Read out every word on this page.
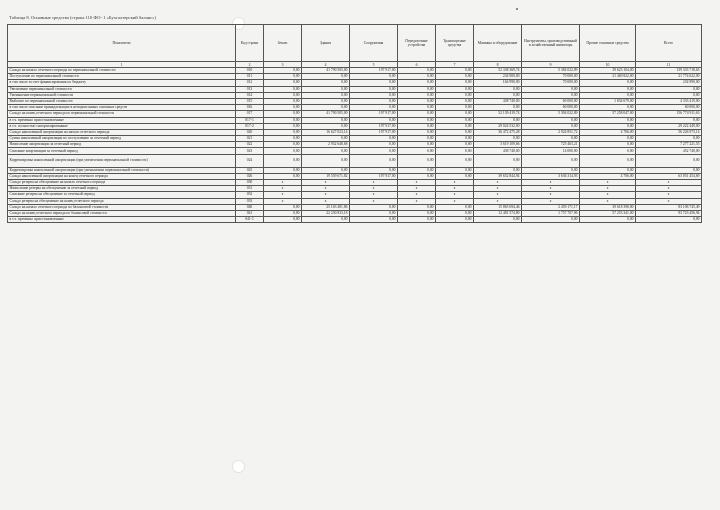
Таблица 8. Основные средства (строка 110 ФО- 1 «Бухгалтерский баланс»)
Показатели	Код строки	Земли	Здания	Сооружения	Передаточные устройства	Транспортные средства	Машины и оборудование	Инструменты, производственный и хозяйственный инвентарь	Прочие основные средства	Всего
1	2	3	4	5	6	7	8	9	10	11
Сальдо на начало отчетного периода по первоначальной стоимости	010	0,00	41 790 505,00	197 917,00	0,00	0,00	52 338 369,74	5 384 022,89	39 623 104,00	139 333 718,63
Поступление по первоначальной стоимости	011	0,00	0,00	0,00	0,00	0,00	234 900,00	70 000,00	21 469 822,00	21 774 622,00
в том числе за счет финансирования по бюджету	012	0,00	0,00	0,00	0,00	0,00	164 990,00	70 000,00	0,00	234 990,00
Увеличение первоначальной стоимости	013	0,00	0,00	0,00	0,00	0,00	0,00	0,00	0,00	0,00
Уменьшение первоначальной стоимости	014	0,00	0,00	0,00	0,00	0,00	0,00	0,00	0,00	0,00
Выбытие по первоначальной стоимости	015	0,00	0,00	0,00	0,00	0,00	438 740,00	60 000,00	1 834 679,00	4 333 419,00
в том числе списание принадлежащих в неподписанных основных средств	016	0,00	0,00	0,00	0,00	0,00	0,00	60 000,00	0,00	60 000,00
Сальдо на конец отчетного периода по первоначальной стоимости	017	0,00	41 790 505,00	197 917,00	0,00	0,00	52 139 419,74	5 394 022,89	57 258 047,00	156 774 911,63
в т.ч. временно приостановленные	017-1	0,00	0,00	0,00	0,00	0,00	0,00	0,00	0,00	0,00
в т.ч. полностью самортизированные	017-2	0,00	0,00	197 917,00	0,00	0,00	29 024 532,00	0,00	0,00	29 222 449,00
Сальдо накопленной амортизации на начало отчетного периода	020	0,00	16 627 023,14	197 917,00	0,00	0,00	36 472 475,28	2 924 851,72	4 706,00	56 226 973,14
Сумма накопленной амортизации по поступлению за отчетный период	021	0,00	0,00	0,00	0,00	0,00	0,00	0,00	0,00	0,00
Начисление амортизации за отчетный период	022	0,00	2 932 648,68	0,00	0,00	0,00	3 619 109,66	725 463,21	0,00	7 277 221,55
Списание амортизации за отчетный период	023	0,00	0,00	0,00	0,00	0,00	438 740,00	14 000,00	0,00	452 740,00
Корректировка накопленной амортизации (при увеличении первоначальной стоимости)	024	0,00	0,00	0,00	0,00	0,00	0,00	0,00	0,00	0,00
Корректировка накопленной амортизации (при уменьшении первоначальной стоимости)	025	0,00	0,00	0,00	0,00	0,00	0,00	0,00	0,00	0,00
Сальдо накопленной амортизации на конец отчетного периода	026	0,00	19 559 671,82	197 917,00	0,00	0,00	39 652 844,94	3 636 314,93	4 706,00	63 051 454,69
Сальдо резерва на обесценение на начало отчетного периода	030	x	x	x	x	x	x	x	x	x
Начисление резерва на обесценение за отчетный период	031	x	x	x	x	x	x	x	x	x
Списание резерва на обесценение за отчетный период	032	x	x	x	x	x	x	x	x	x
Сальдо резерва на обесценение на конец отчетного периода	033	x	x	x	x	x	x	x	x	x
Сальдо на начало отчетного периода по балансовой стоимости	040	0,00	25 163 481,86	0,00	0,00	0,00	15 865 694,46	2 459 171,17	39 618 398,00	83 106 745,49
Сальдо на конец отчетного периода по балансовой стоимости	041	0,00	22 230 833,18	0,00	0,00	0,00	12 481 574,80	1 757 707,96	57 253 341,00	93 723 456,94
в т.ч. временно приостановленные	041-1	0,00	0,00	0,00	0,00	0,00	0,00	0,00	0,00	0,00
